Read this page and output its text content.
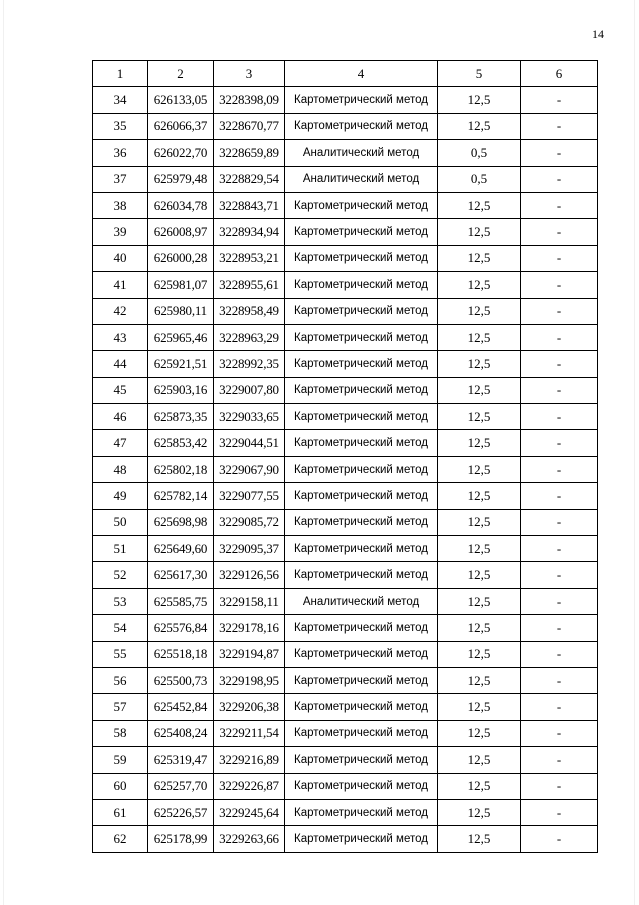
14
1	2	3	4	5	6
34	626133,05	3228398,09	Картометрический метод	12,5	-
35	626066,37	3228670,77	Картометрический метод	12,5	-
36	626022,70	3228659,89	Аналитический метод	0,5	-
37	625979,48	3228829,54	Аналитический метод	0,5	-
38	626034,78	3228843,71	Картометрический метод	12,5	-
39	626008,97	3228934,94	Картометрический метод	12,5	-
40	626000,28	3228953,21	Картометрический метод	12,5	-
41	625981,07	3228955,61	Картометрический метод	12,5	-
42	625980,11	3228958,49	Картометрический метод	12,5	-
43	625965,46	3228963,29	Картометрический метод	12,5	-
44	625921,51	3228992,35	Картометрический метод	12,5	-
45	625903,16	3229007,80	Картометрический метод	12,5	-
46	625873,35	3229033,65	Картометрический метод	12,5	-
47	625853,42	3229044,51	Картометрический метод	12,5	-
48	625802,18	3229067,90	Картометрический метод	12,5	-
49	625782,14	3229077,55	Картометрический метод	12,5	-
50	625698,98	3229085,72	Картометрический метод	12,5	-
51	625649,60	3229095,37	Картометрический метод	12,5	-
52	625617,30	3229126,56	Картометрический метод	12,5	-
53	625585,75	3229158,11	Аналитический метод	12,5	-
54	625576,84	3229178,16	Картометрический метод	12,5	-
55	625518,18	3229194,87	Картометрический метод	12,5	-
56	625500,73	3229198,95	Картометрический метод	12,5	-
57	625452,84	3229206,38	Картометрический метод	12,5	-
58	625408,24	3229211,54	Картометрический метод	12,5	-
59	625319,47	3229216,89	Картометрический метод	12,5	-
60	625257,70	3229226,87	Картометрический метод	12,5	-
61	625226,57	3229245,64	Картометрический метод	12,5	-
62	625178,99	3229263,66	Картометрический метод	12,5	-
